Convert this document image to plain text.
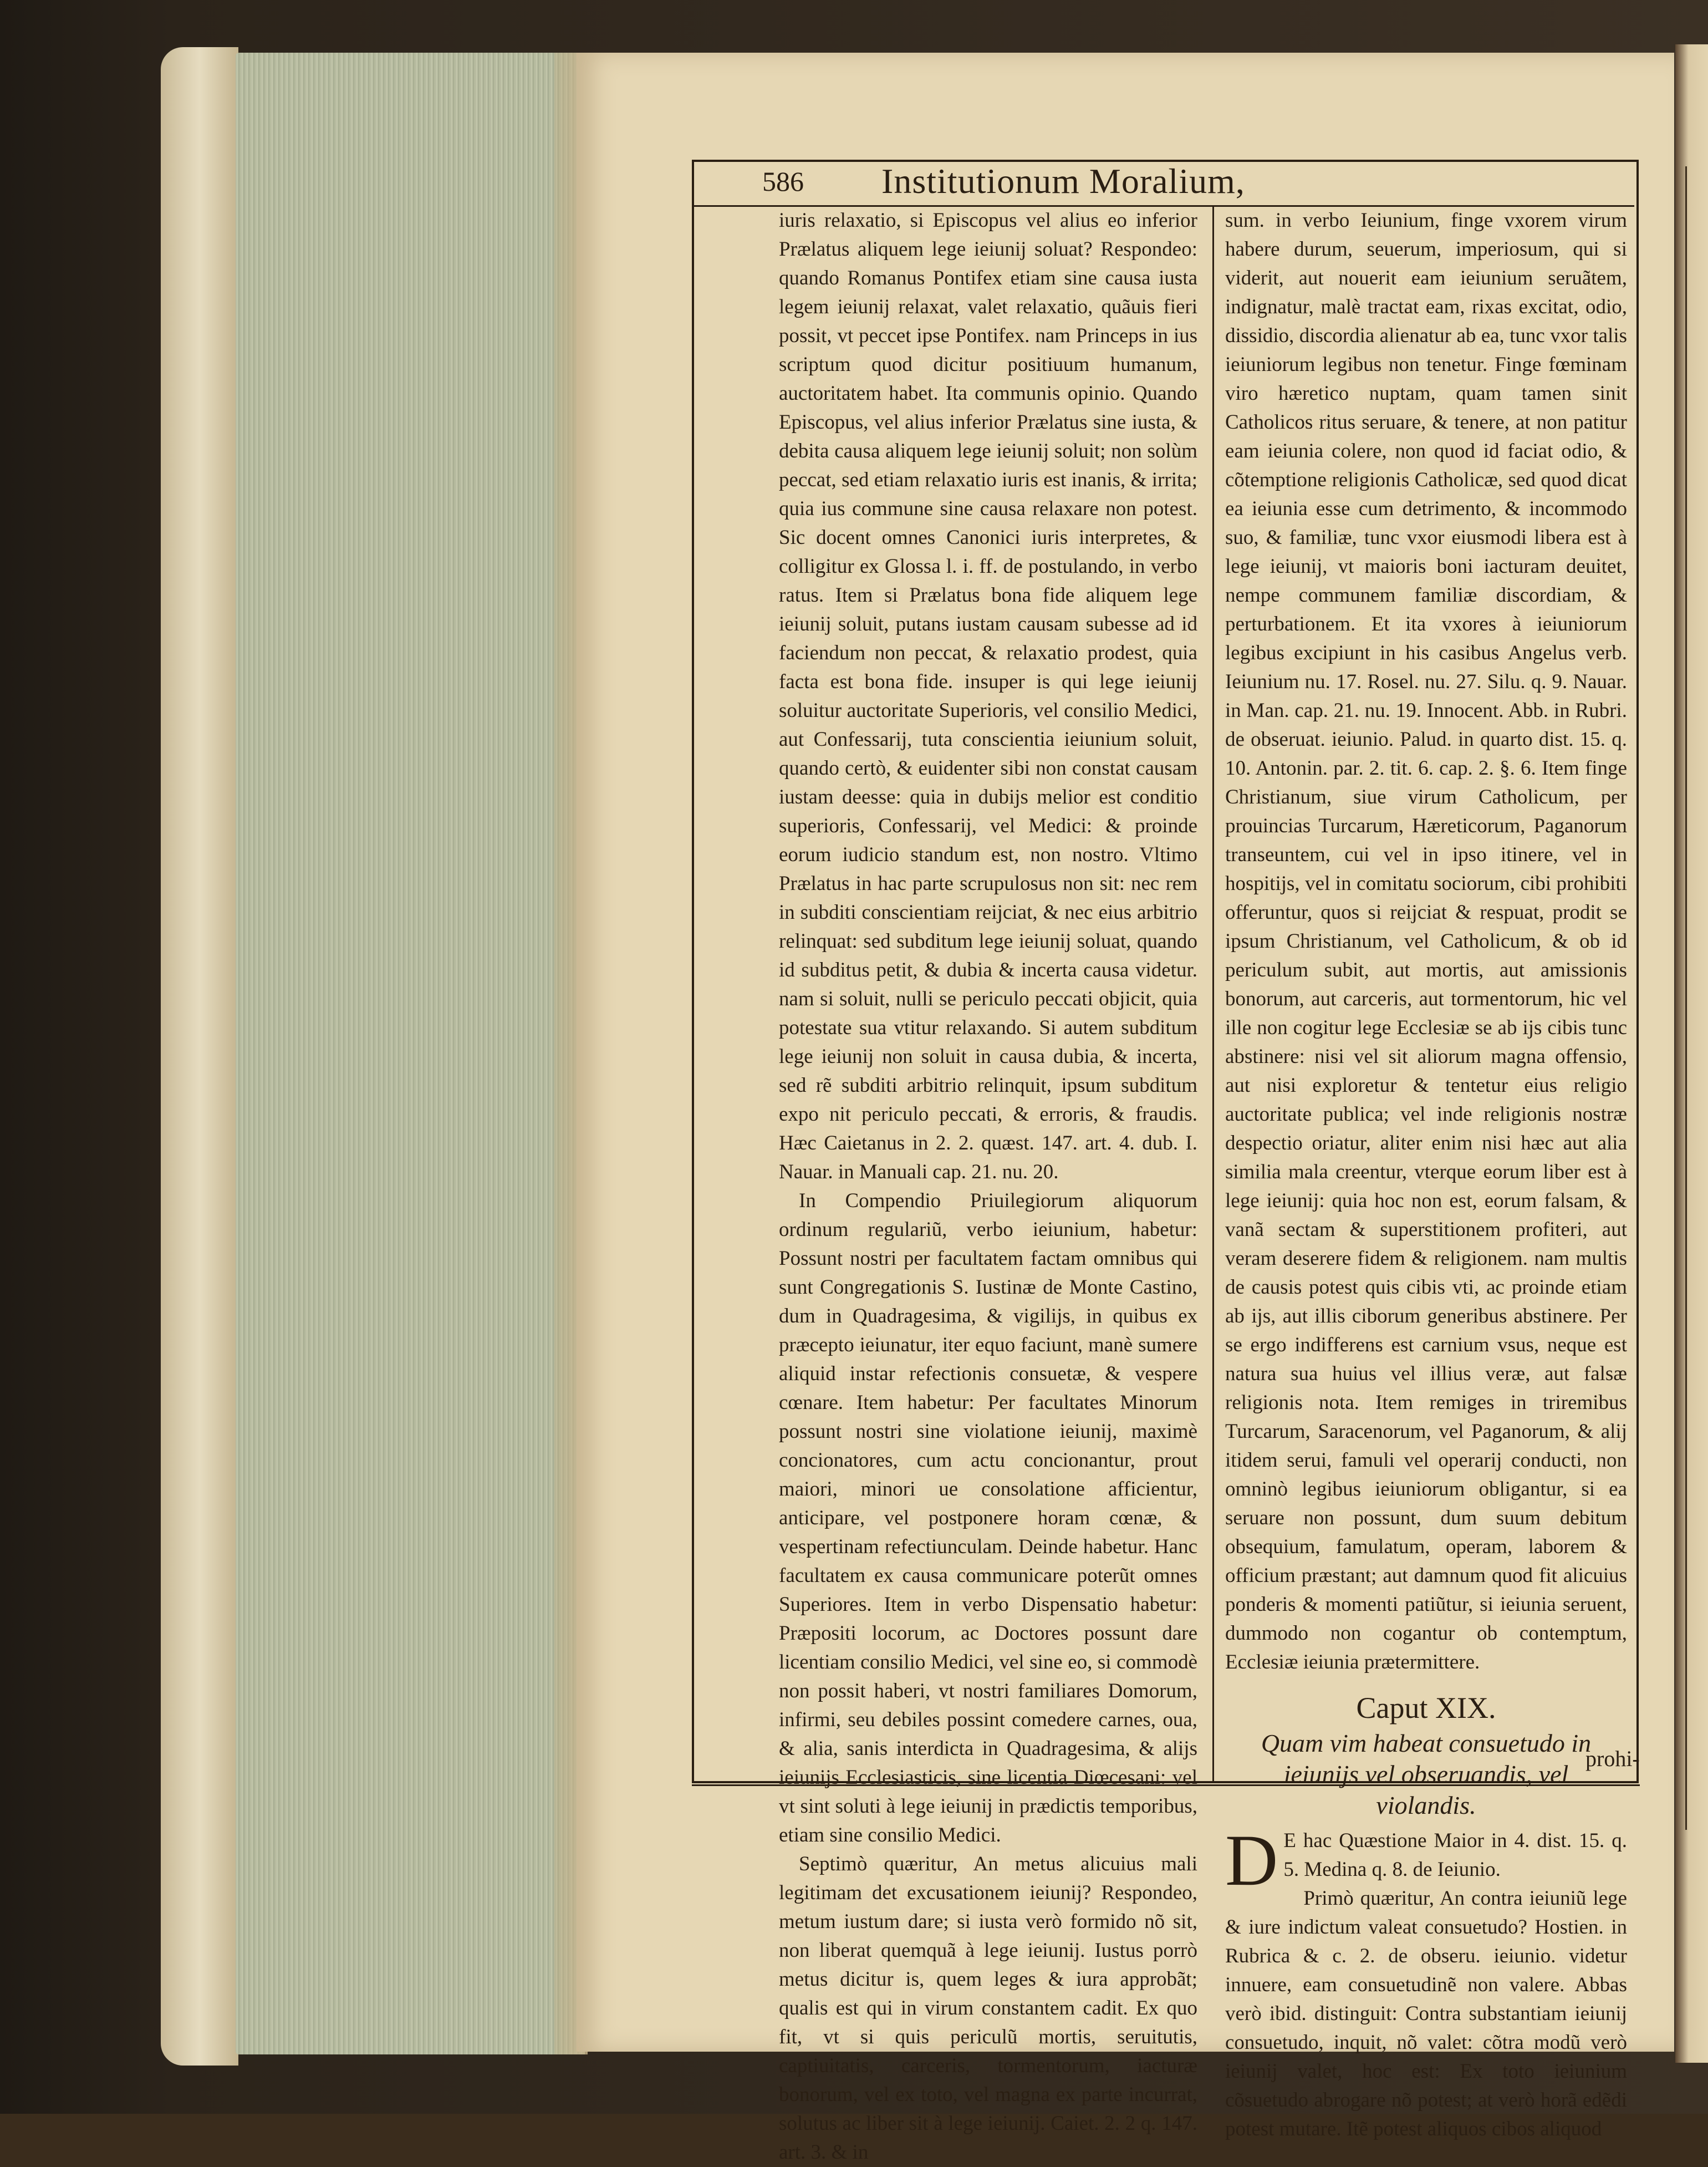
586 Institutionum Moralium,

iuris relaxatio, si Episcopus vel alius eo inferior Prælatus aliquem lege ieiunij soluat? Respondeo: quando Romanus Pontifex etiam sine causa iusta legem ieiunij relaxat, valet relaxatio, quãuis fieri possit, vt peccet ipse Pontifex. nam Princeps in ius scriptum quod dicitur positiuum humanum, auctoritatem habet. Ita communis opinio. Quando Episcopus, vel alius inferior Prælatus sine iusta, & debita causa aliquem lege ieiunij soluit; non solùm peccat, sed etiam relaxatio iuris est inanis, & irrita; quia ius commune sine causa relaxare non potest. Sic docent omnes Canonici iuris interpretes, & colligitur ex Glossa l. i. ff. de postulando, in verbo ratus. Item si Prælatus bona fide aliquem lege ieiunij soluit, putans iustam causam subesse ad id faciendum non peccat, & relaxatio prodest, quia facta est bona fide. insuper is qui lege ieiunij soluitur auctoritate Superioris, vel consilio Medici, aut Confessarij, tuta conscientia ieiunium soluit, quando certò, & euidenter sibi non constat causam iustam deesse: quia in dubijs melior est conditio superioris, Confessarij, vel Medici: & proinde eorum iudicio standum est, non nostro. Vltimo Prælatus in hac parte scrupulosus non sit: nec rem in subditi conscientiam reijciat, & nec eius arbitrio relinquat: sed subditum lege ieiunij soluat, quando id subditus petit, & dubia & incerta causa videtur. nam si soluit, nulli se periculo peccati objicit, quia potestate sua vtitur relaxando. Si autem subditum lege ieiunij non soluit in causa dubia, & incerta, sed rẽ subditi arbitrio relinquit, ipsum subditum expo nit periculo peccati, & erroris, & fraudis. Hæc Caietanus in 2. 2. quæst. 147. art. 4. dub. I. Nauar. in Manuali cap. 21. nu. 20.

In Compendio Priuilegiorum aliquorum ordinum regulariũ, verbo ieiunium, habetur: Possunt nostri per facultatem factam omnibus qui sunt Congregationis S. Iustinæ de Monte Castino, dum in Quadragesima, & vigilijs, in quibus ex præcepto ieiunatur, iter equo faciunt, manè sumere aliquid instar refectionis consuetæ, & vespere cœnare. Item habetur: Per facultates Minorum possunt nostri sine violatione ieiunij, maximè concionatores, cum actu concionantur, prout maiori, minori ue consolatione afficientur, anticipare, vel postponere horam cœnæ, & vespertinam refectiunculam. Deinde habetur. Hanc facultatem ex causa communicare poterũt omnes Superiores. Item in verbo Dispensatio habetur: Præpositi locorum, ac Doctores possunt dare licentiam consilio Medici, vel sine eo, si commodè non possit haberi, vt nostri familiares Domorum, infirmi, seu debiles possint comedere carnes, oua, & alia, sanis interdicta in Quadragesima, & alijs ieiunijs Ecclesiasticis, sine licentia Diœcesani: vel vt sint soluti à lege ieiunij in prædictis temporibus, etiam sine consilio Medici.

Septimò quæritur, An metus alicuius mali legitimam det excusationem ieiunij? Respondeo, metum iustum dare; si iusta verò formido nõ sit, non liberat quemquã à lege ieiunij. Iustus porrò metus dicitur is, quem leges & iura approbãt; qualis est qui in virum constantem cadit. Ex quo fit, vt si quis periculũ mortis, seruitutis, captiuitatis, carceris, tormentorum, iacturæ bonorum, vel ex toto, vel magna ex parte incurrat, solutus ac liber sit à lege ieiunij. Caiet. 2. 2 q. 147. art. 3. & in

sum. in verbo Ieiunium, finge vxorem virum habere durum, seuerum, imperiosum, qui si viderit, aut nouerit eam ieiunium seruãtem, indignatur, malè tractat eam, rixas excitat, odio, dissidio, discordia alienatur ab ea, tunc vxor talis ieiuniorum legibus non tenetur. Finge fœminam viro hæretico nuptam, quam tamen sinit Catholicos ritus seruare, & tenere, at non patitur eam ieiunia colere, non quod id faciat odio, & cõtemptione religionis Catholicæ, sed quod dicat ea ieiunia esse cum detrimento, & incommodo suo, & familiæ, tunc vxor eiusmodi libera est à lege ieiunij, vt maioris boni iacturam deuitet, nempe communem familiæ discordiam, & perturbationem. Et ita vxores à ieiuniorum legibus excipiunt in his casibus Angelus verb. Ieiunium nu. 17. Rosel. nu. 27. Silu. q. 9. Nauar. in Man. cap. 21. nu. 19. Innocent. Abb. in Rubri. de obseruat. ieiunio. Palud. in quarto dist. 15. q. 10. Antonin. par. 2. tit. 6. cap. 2. §. 6. Item finge Christianum, siue virum Catholicum, per prouincias Turcarum, Hæreticorum, Paganorum transeuntem, cui vel in ipso itinere, vel in hospitijs, vel in comitatu sociorum, cibi prohibiti offeruntur, quos si reijciat & respuat, prodit se ipsum Christianum, vel Catholicum, & ob id periculum subit, aut mortis, aut amissionis bonorum, aut carceris, aut tormentorum, hic vel ille non cogitur lege Ecclesiæ se ab ijs cibis tunc abstinere: nisi vel sit aliorum magna offensio, aut nisi exploretur & tentetur eius religio auctoritate publica; vel inde religionis nostræ despectio oriatur, aliter enim nisi hæc aut alia similia mala creentur, vterque eorum liber est à lege ieiunij: quia hoc non est, eorum falsam, & vanã sectam & superstitionem profiteri, aut veram deserere fidem & religionem. nam multis de causis potest quis cibis vti, ac proinde etiam ab ijs, aut illis ciborum generibus abstinere. Per se ergo indifferens est carnium vsus, neque est natura sua huius vel illius veræ, aut falsæ religionis nota. Item remiges in triremibus Turcarum, Saracenorum, vel Paganorum, & alij itidem serui, famuli vel operarij conducti, non omninò legibus ieiuniorum obligantur, si ea seruare non possunt, dum suum debitum obsequium, famulatum, operam, laborem & officium præstant; aut damnum quod fit alicuius ponderis & momenti patiũtur, si ieiunia seruent, dummodo non cogantur ob contemptum, Ecclesiæ ieiunia prætermittere.

Caput XIX.
Quam vim habeat consuetudo in ieiunijs vel obseruandis, vel violandis.

D E hac Quæstione Maior in 4. dist. 15. q. 5. Medina q. 8. de Ieiunio.

Primò quæritur, An contra ieiuniũ lege & iure indictum valeat consuetudo? Hostien. in Rubrica & c. 2. de obseru. ieiunio. videtur innuere, eam consuetudinẽ non valere. Abbas verò ibid. distinguit: Contra substantiam ieiunij consuetudo, inquit, nõ valet: cõtra modũ verò ieiunij valet, hoc est: Ex toto ieiunium cõsuetudo abrogare nõ potest; at verò horã edẽdi potest mutare. Itẽ potest aliquos cibos aliquod

prohi-
